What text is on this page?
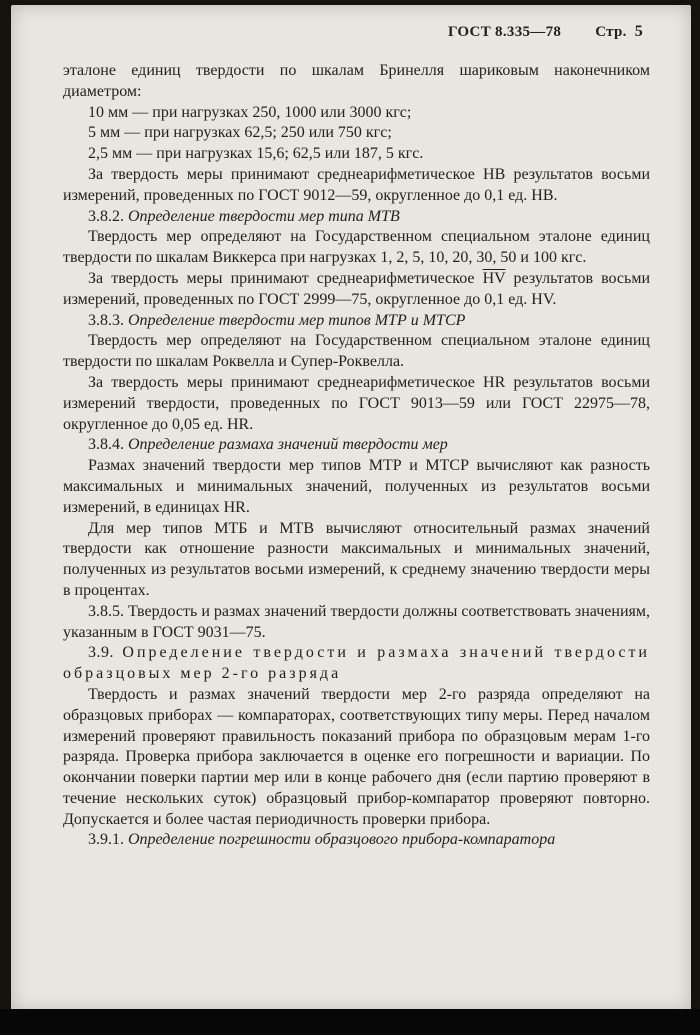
ГОСТ 8.335—78 Стр. 5

эталоне единиц твердости по шкалам Бринелля шариковым наконечником диаметром:

10 мм — при нагрузках 250, 1000 или 3000 кгс;

5 мм — при нагрузках 62,5; 250 или 750 кгс;

2,5 мм — при нагрузках 15,6; 62,5 или 187, 5 кгс.

За твердость меры принимают среднеарифметическое НВ результатов восьми измерений, проведенных по ГОСТ 9012—59, округленное до 0,1 ед. НВ.

3.8.2. Определение твердости мер типа МТВ

Твердость мер определяют на Государственном специальном эталоне единиц твердости по шкалам Виккерса при нагрузках 1, 2, 5, 10, 20, 30, 50 и 100 кгс.

За твердость меры принимают среднеарифметическое $\overline{HV}$ результатов восьми измерений, проведенных по ГОСТ 2999—75, округленное до 0,1 ед. HV.

3.8.3. Определение твердости мер типов МТР и МТСР

Твердость мер определяют на Государственном специальном эталоне единиц твердости по шкалам Роквелла и Супер-Роквелла.

За твердость меры принимают среднеарифметическое HR результатов восьми измерений твердости, проведенных по ГОСТ 9013—59 или ГОСТ 22975—78, округленное до 0,05 ед. HR.

3.8.4. Определение размаха значений твердости мер

Размах значений твердости мер типов МТР и МТСР вычисляют как разность максимальных и минимальных значений, полученных из результатов восьми измерений, в единицах HR.

Для мер типов МТБ и МТВ вычисляют относительный размах значений твердости как отношение разности максимальных и минимальных значений, полученных из результатов восьми измерений, к среднему значению твердости меры в процентах.

3.8.5. Твердость и размах значений твердости должны соответствовать значениям, указанным в ГОСТ 9031—75.

3.9. Определение твердости и размаха значений твердости образцовых мер 2-го разряда

Твердость и размах значений твердости мер 2-го разряда определяют на образцовых приборах — компараторах, соответствующих типу меры. Перед началом измерений проверяют правильность показаний прибора по образцовым мерам 1-го разряда. Проверка прибора заключается в оценке его погрешности и вариации. По окончании поверки партии мер или в конце рабочего дня (если партию проверяют в течение нескольких суток) образцовый прибор-компаратор проверяют повторно. Допускается и более частая периодичность проверки прибора.

3.9.1. Определение погрешности образцового прибора-компаратора
